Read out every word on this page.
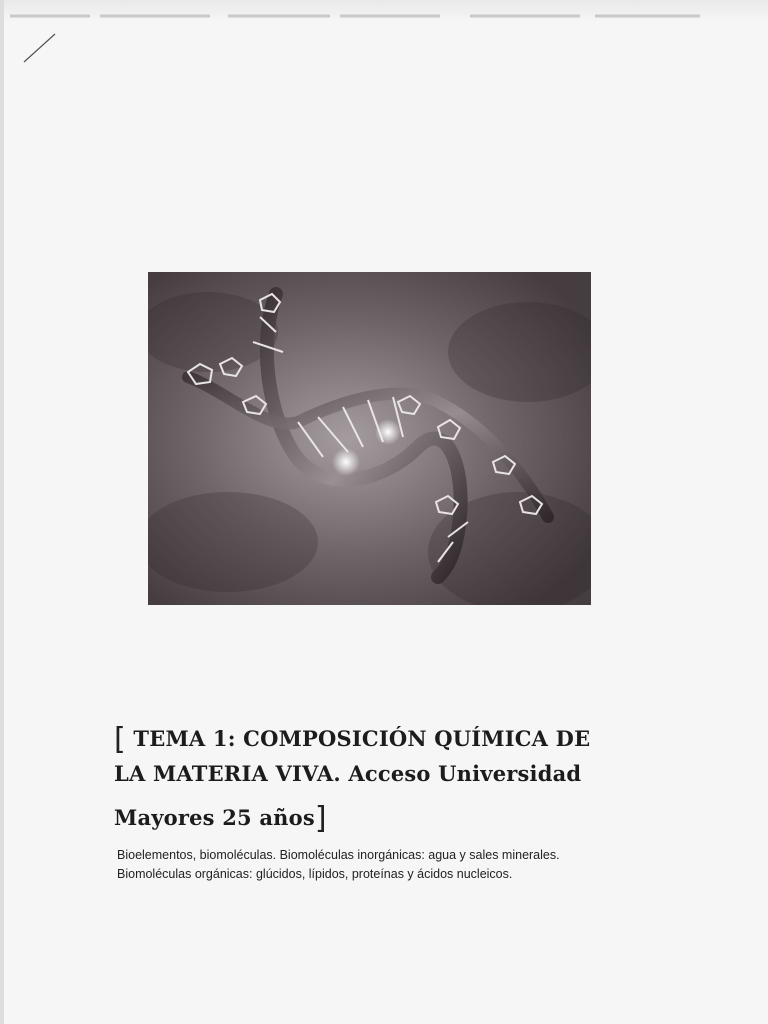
[ TEMA 1: COMPOSICIÓN QUÍMICA DE
LA MATERIA VIVA. Acceso Universidad
Mayores 25 años]
Bioelementos, biomoléculas. Biomoléculas inorgánicas: agua y sales minerales.
Biomoléculas orgánicas: glúcidos, lípidos, proteínas y ácidos nucleicos.
